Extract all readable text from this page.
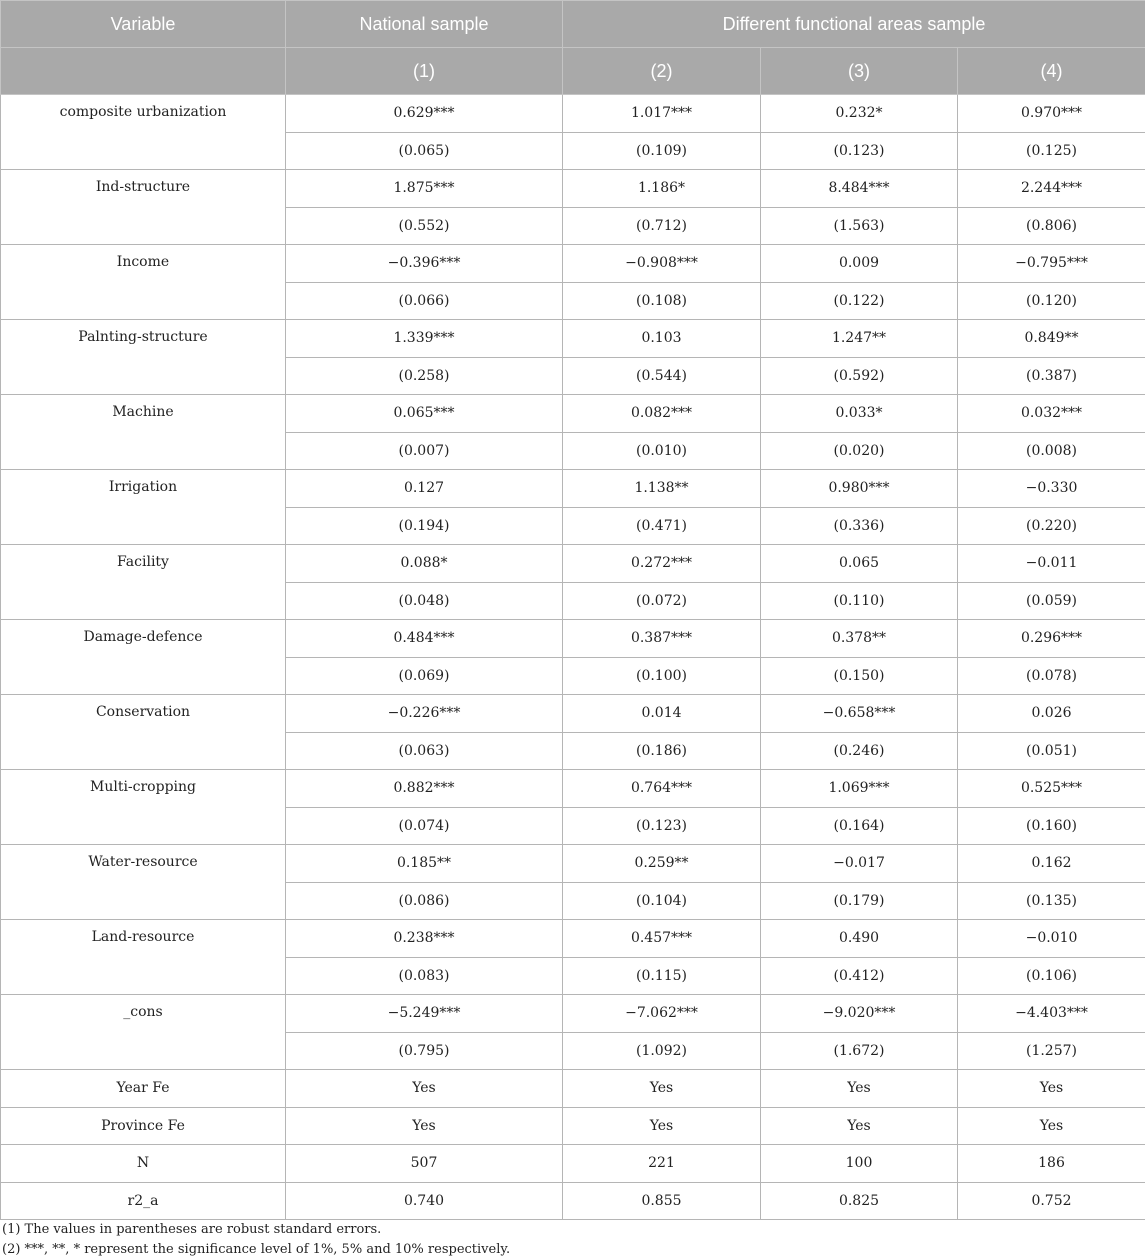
Variable	National sample	Different functional areas sample		
	(1)	(2)	(3)	(4)
composite urbanization	0.629***	1.017***	0.232*	0.970***
	(0.065)	(0.109)	(0.123)	(0.125)
Ind-structure	1.875***	1.186*	8.484***	2.244***
	(0.552)	(0.712)	(1.563)	(0.806)
Income	−0.396***	−0.908***	0.009	−0.795***
	(0.066)	(0.108)	(0.122)	(0.120)
Palnting-structure	1.339***	0.103	1.247**	0.849**
	(0.258)	(0.544)	(0.592)	(0.387)
Machine	0.065***	0.082***	0.033*	0.032***
	(0.007)	(0.010)	(0.020)	(0.008)
Irrigation	0.127	1.138**	0.980***	−0.330
	(0.194)	(0.471)	(0.336)	(0.220)
Facility	0.088*	0.272***	0.065	−0.011
	(0.048)	(0.072)	(0.110)	(0.059)
Damage-defence	0.484***	0.387***	0.378**	0.296***
	(0.069)	(0.100)	(0.150)	(0.078)
Conservation	−0.226***	0.014	−0.658***	0.026
	(0.063)	(0.186)	(0.246)	(0.051)
Multi-cropping	0.882***	0.764***	1.069***	0.525***
	(0.074)	(0.123)	(0.164)	(0.160)
Water-resource	0.185**	0.259**	−0.017	0.162
	(0.086)	(0.104)	(0.179)	(0.135)
Land-resource	0.238***	0.457***	0.490	−0.010
	(0.083)	(0.115)	(0.412)	(0.106)
_cons	−5.249***	−7.062***	−9.020***	−4.403***
	(0.795)	(1.092)	(1.672)	(1.257)
Year Fe	Yes	Yes	Yes	Yes
Province Fe	Yes	Yes	Yes	Yes
N	507	221	100	186
r2_a	0.740	0.855	0.825	0.752
(1) The values in parentheses are robust standard errors.
(2) ***, **, * represent the significance level of 1%, 5% and 10% respectively.
